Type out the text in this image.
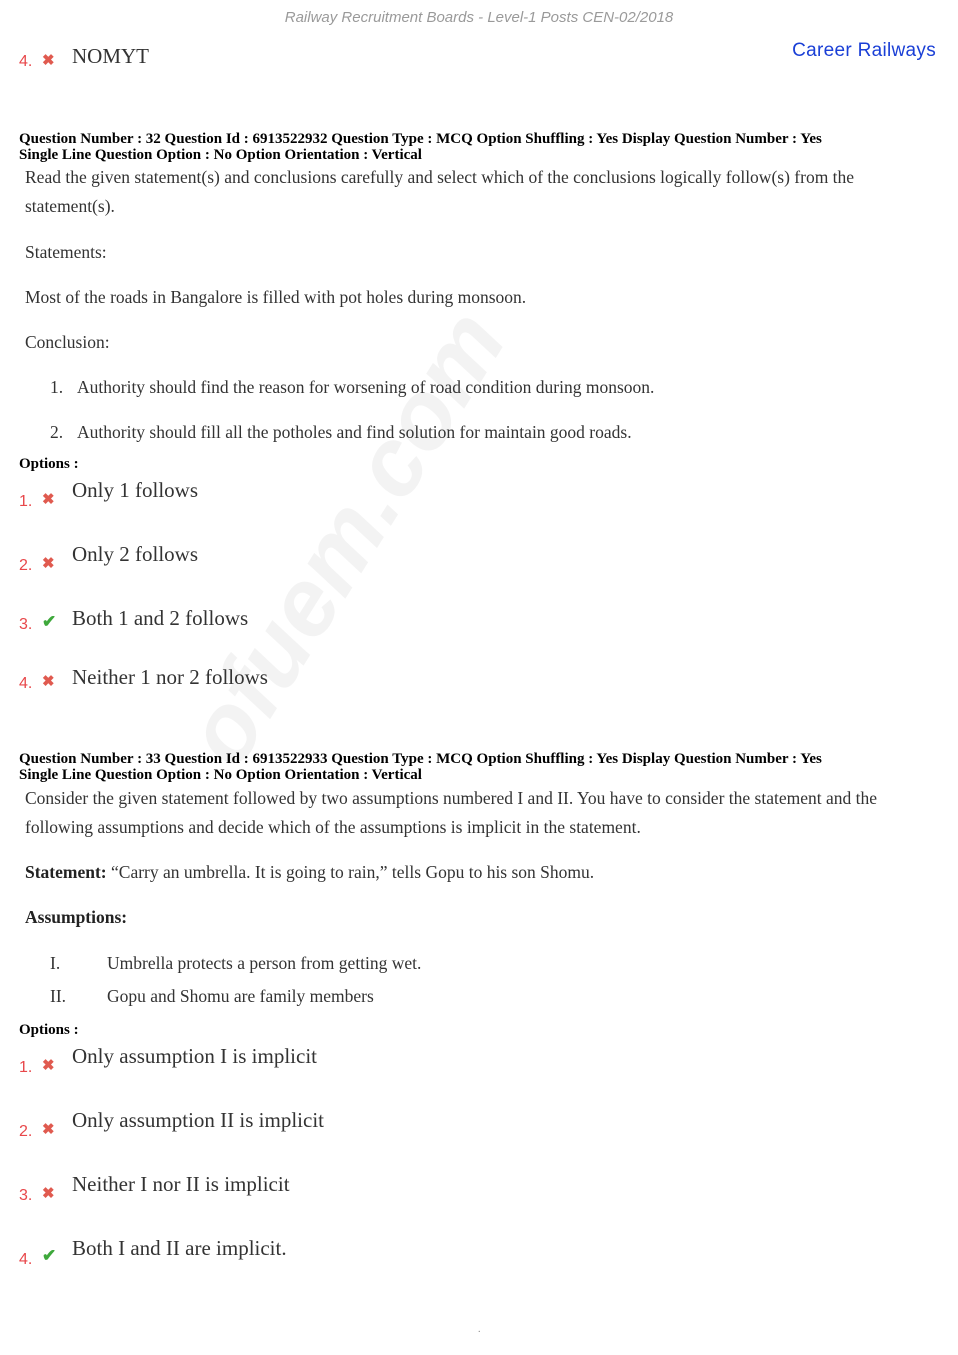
Railway Recruitment Boards - Level-1 Posts CEN-02/2018
Career Railways
4. ✖ NOMYT
Question Number : 32 Question Id : 6913522932 Question Type : MCQ Option Shuffling : Yes Display Question Number : Yes
Single Line Question Option : No Option Orientation : Vertical
Read the given statement(s) and conclusions carefully and select which of the conclusions logically follow(s) from the statement(s).
Statements:
Most of the roads in Bangalore is filled with pot holes during monsoon.
Conclusion:
1. Authority should find the reason for worsening of road condition during monsoon.
2. Authority should fill all the potholes and find solution for maintain good roads.
Options :
1. ✖ Only 1 follows
2. ✖ Only 2 follows
3. ✔ Both 1 and 2 follows
4. ✖ Neither 1 nor 2 follows
Question Number : 33 Question Id : 6913522933 Question Type : MCQ Option Shuffling : Yes Display Question Number : Yes
Single Line Question Option : No Option Orientation : Vertical
Consider the given statement followed by two assumptions numbered I and II. You have to consider the statement and the following assumptions and decide which of the assumptions is implicit in the statement.
Statement: “Carry an umbrella. It is going to rain,” tells Gopu to his son Shomu.
Assumptions:
I.	Umbrella protects a person from getting wet.
II. Gopu and Shomu are family members
Options :
1. ✖ Only assumption I is implicit
2. ✖ Only assumption II is implicit
3. ✖ Neither I nor II is implicit
4. ✔ Both I and II are implicit.
.
